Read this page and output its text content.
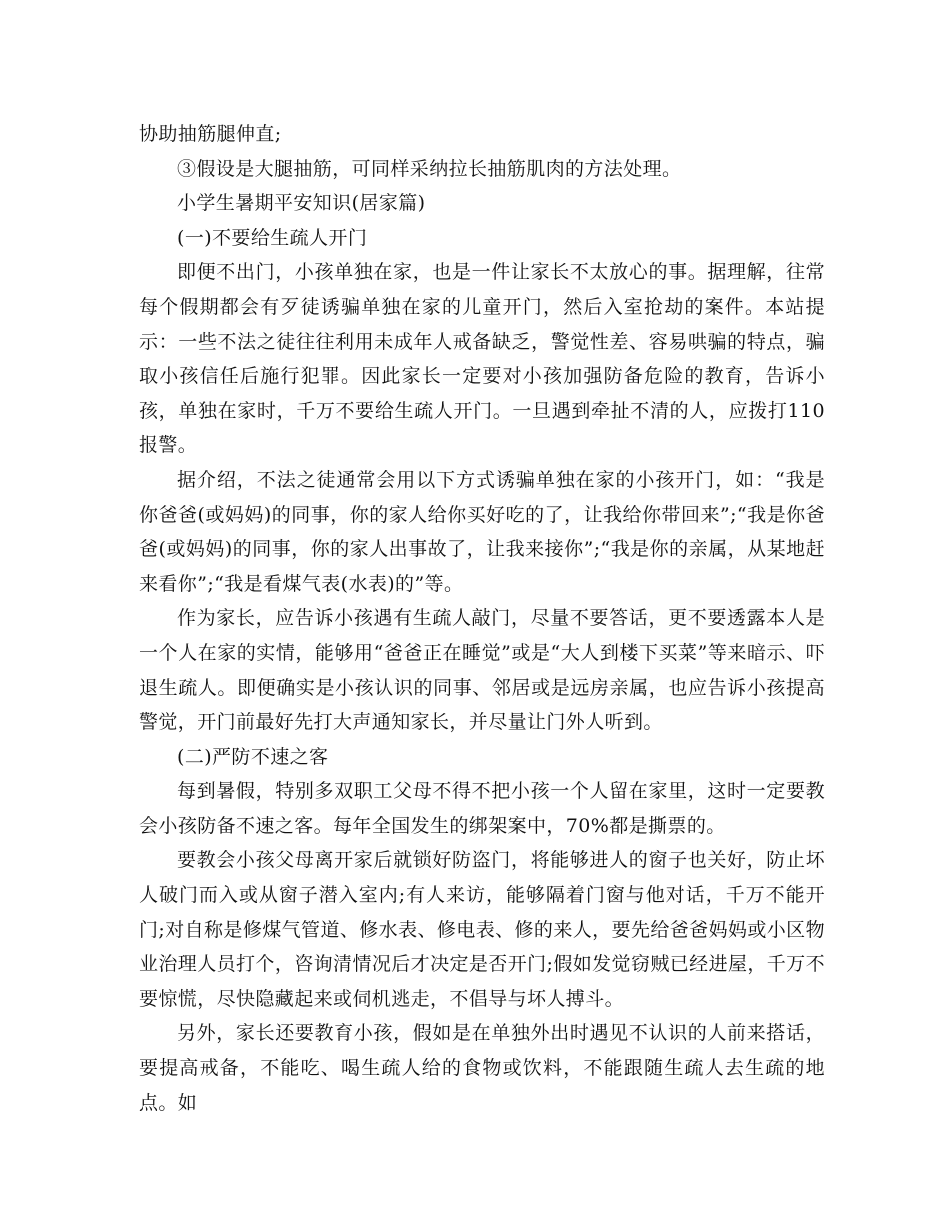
协助抽筋腿伸直;

③假设是大腿抽筋，可同样采纳拉长抽筋肌肉的方法处理。

小学生暑期平安知识(居家篇)

(一)不要给生疏人开门

即便不出门，小孩单独在家，也是一件让家长不太放心的事。据理解，往常每个假期都会有歹徒诱骗单独在家的儿童开门，然后入室抢劫的案件。本站提示：一些不法之徒往往利用未成年人戒备缺乏，警觉性差、容易哄骗的特点，骗取小孩信任后施行犯罪。因此家长一定要对小孩加强防备危险的教育，告诉小孩，单独在家时，千万不要给生疏人开门。一旦遇到牵扯不清的人，应拨打110报警。

据介绍，不法之徒通常会用以下方式诱骗单独在家的小孩开门，如：“我是你爸爸(或妈妈)的同事，你的家人给你买好吃的了，让我给你带回来”;“我是你爸爸(或妈妈)的同事，你的家人出事故了，让我来接你”;“我是你的亲属，从某地赶来看你”;“我是看煤气表(水表)的”等。

作为家长，应告诉小孩遇有生疏人敲门，尽量不要答话，更不要透露本人是一个人在家的实情，能够用“爸爸正在睡觉”或是“大人到楼下买菜”等来暗示、吓退生疏人。即便确实是小孩认识的同事、邻居或是远房亲属，也应告诉小孩提高警觉，开门前最好先打大声通知家长，并尽量让门外人听到。

(二)严防不速之客

每到暑假，特别多双职工父母不得不把小孩一个人留在家里，这时一定要教会小孩防备不速之客。每年全国发生的绑架案中，70%都是撕票的。

要教会小孩父母离开家后就锁好防盗门，将能够进人的窗子也关好，防止坏人破门而入或从窗子潜入室内;有人来访，能够隔着门窗与他对话，千万不能开门;对自称是修煤气管道、修水表、修电表、修的来人，要先给爸爸妈妈或小区物业治理人员打个，咨询清情况后才决定是否开门;假如发觉窃贼已经进屋，千万不要惊慌，尽快隐藏起来或伺机逃走，不倡导与坏人搏斗。

另外，家长还要教育小孩，假如是在单独外出时遇见不认识的人前来搭话，要提高戒备，不能吃、喝生疏人给的食物或饮料，不能跟随生疏人去生疏的地点。如
